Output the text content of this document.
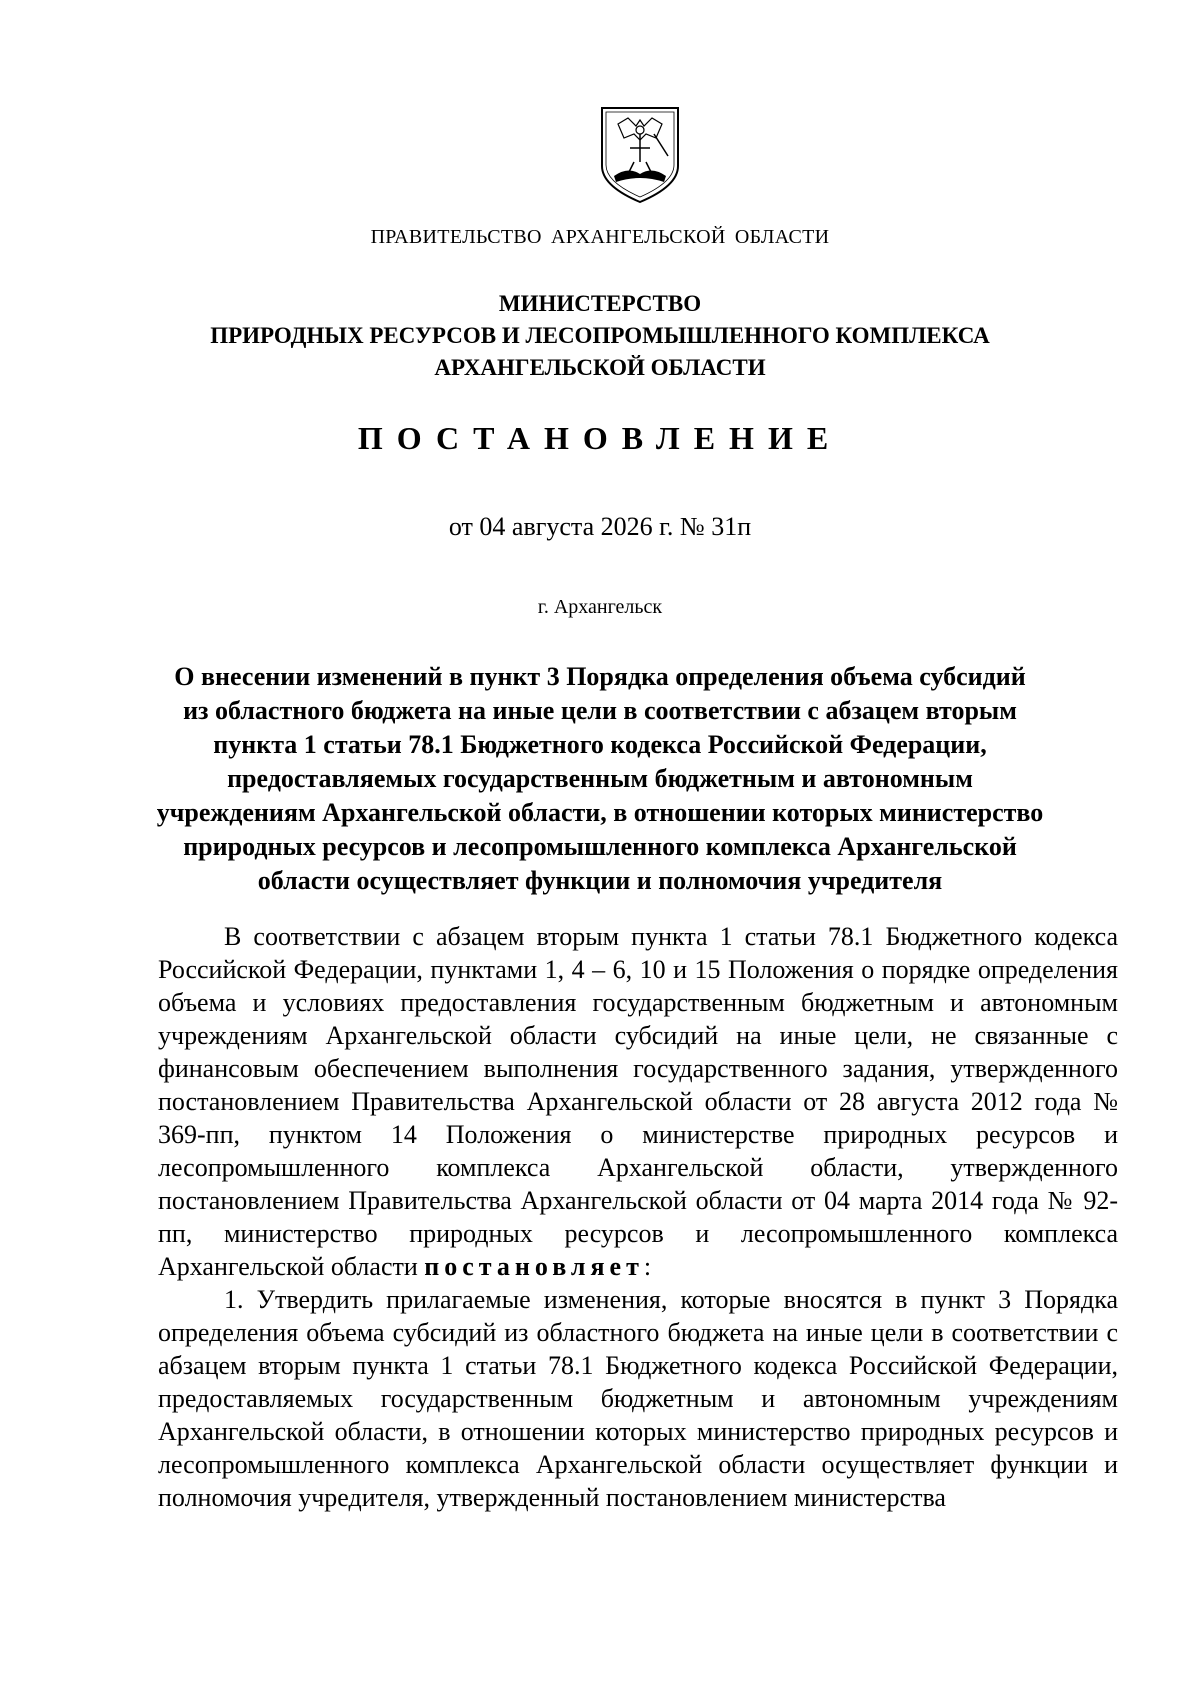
ПРАВИТЕЛЬСТВО АРХАНГЕЛЬСКОЙ ОБЛАСТИ
МИНИСТЕРСТВО
ПРИРОДНЫХ РЕСУРСОВ И ЛЕСОПРОМЫШЛЕННОГО КОМПЛЕКСА
АРХАНГЕЛЬСКОЙ ОБЛАСТИ
ПОСТАНОВЛЕНИЕ
от 04 августа 2026 г. № 31п
г. Архангельск
О внесении изменений в пункт 3 Порядка определения объема субсидий
из областного бюджета на иные цели в соответствии с абзацем вторым
пункта 1 статьи 78.1 Бюджетного кодекса Российской Федерации,
предоставляемых государственным бюджетным и автономным
учреждениям Архангельской области, в отношении которых министерство
природных ресурсов и лесопромышленного комплекса Архангельской
области осуществляет функции и полномочия учредителя

В соответствии с абзацем вторым пункта 1 статьи 78.1 Бюджетного кодекса Российской Федерации, пунктами 1, 4 – 6, 10 и 15 Положения о порядке определения объема и условиях предоставления государственным бюджетным и автономным учреждениям Архангельской области субсидий на иные цели, не связанные с финансовым обеспечением выполнения государственного задания, утвержденного постановлением Правительства Архангельской области от 28 августа 2012 года № 369-пп, пунктом 14 Положения о министерстве природных ресурсов и лесопромышленного комплекса Архангельской области, утвержденного постановлением Правительства Архангельской области от 04 марта 2014 года № 92-пп, министерство природных ресурсов и лесопромышленного комплекса Архангельской области постановляет:

1. Утвердить прилагаемые изменения, которые вносятся в пункт 3 Порядка определения объема субсидий из областного бюджета на иные цели в соответствии с абзацем вторым пункта 1 статьи 78.1 Бюджетного кодекса Российской Федерации, предоставляемых государственным бюджетным и автономным учреждениям Архангельской области, в отношении которых министерство природных ресурсов и лесопромышленного комплекса Архангельской области осуществляет функции и полномочия учредителя, утвержденный постановлением министерства
